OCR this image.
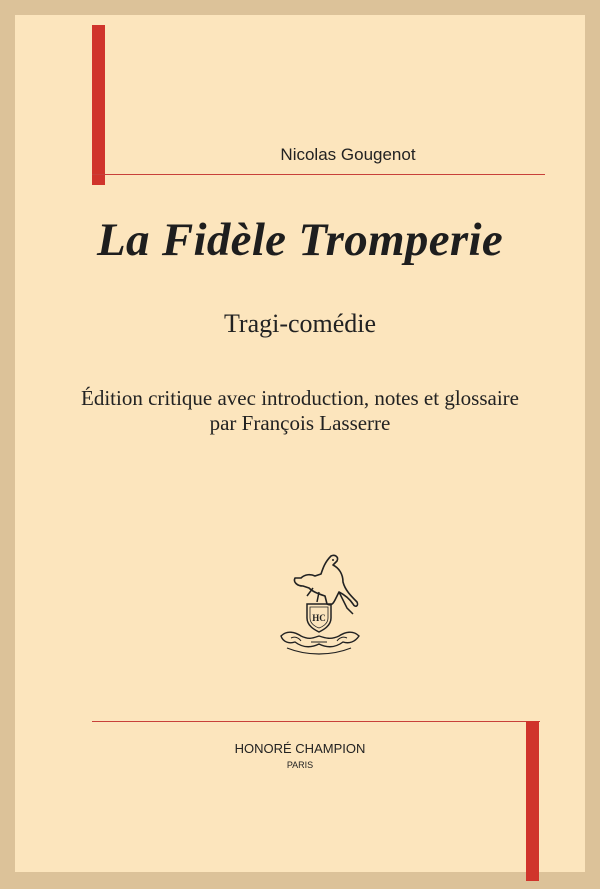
Nicolas Gougenot
La Fidèle Tromperie
Tragi-comédie
Édition critique avec introduction, notes et glossaire
par François Lasserre
HC
HONORÉ CHAMPION
PARIS
